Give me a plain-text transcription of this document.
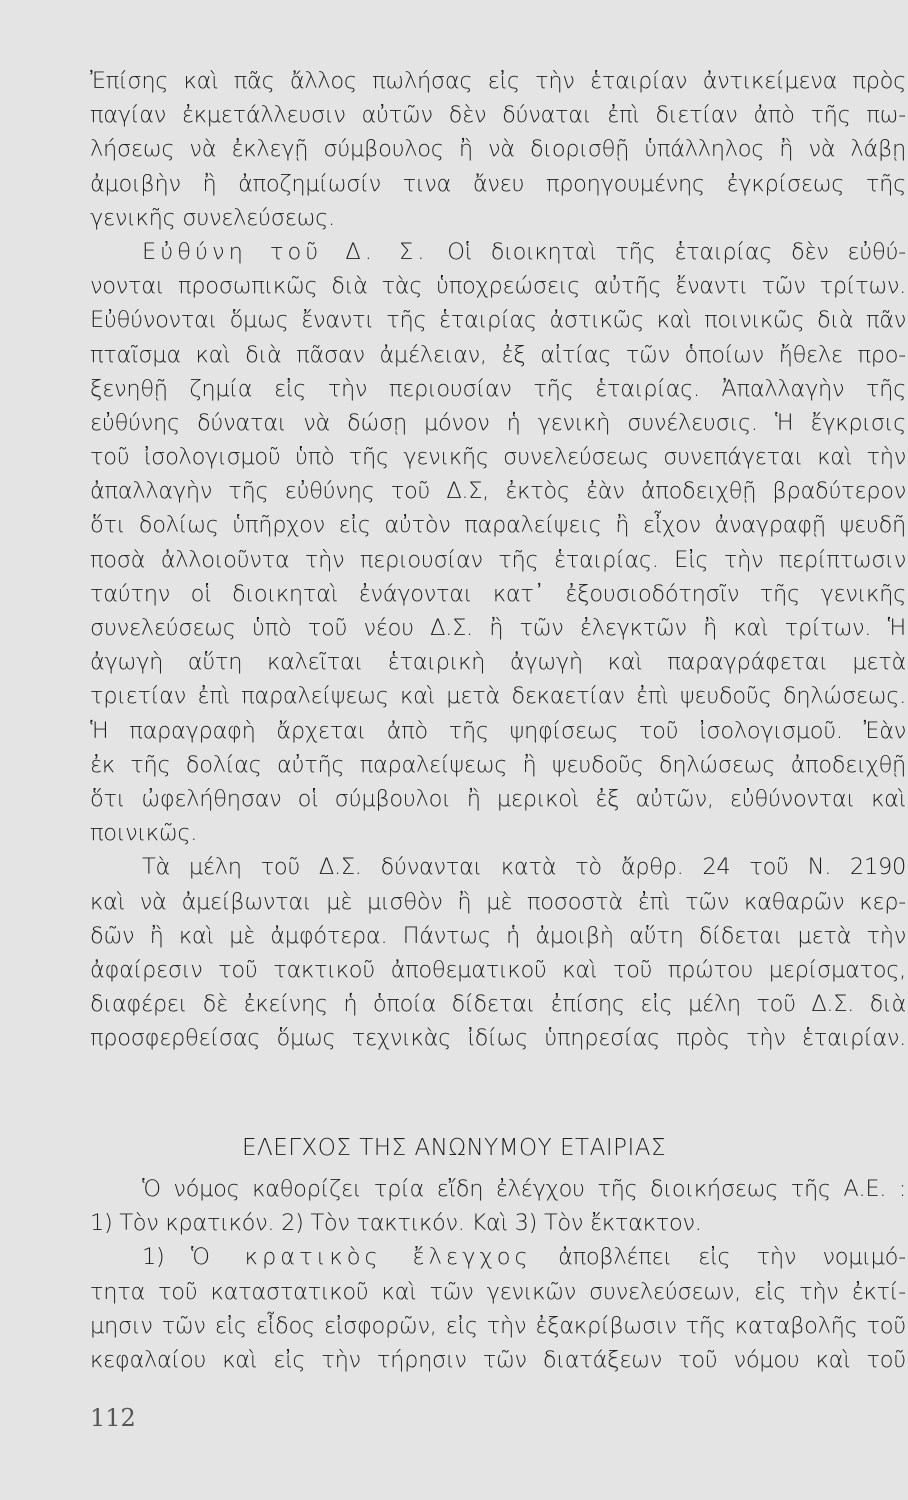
Ἐπίσης καὶ πᾶς ἄλλος πωλήσας εἰς τὴν ἑταιρίαν ἀντικείμενα πρὸς
παγίαν ἐκμετάλλευσιν αὐτῶν δὲν δύναται ἐπὶ διετίαν ἀπὸ τῆς πω-
λήσεως νὰ ἐκλεγῇ σύμβουλος ἢ νὰ διορισθῇ ὑπάλληλος ἢ νὰ λάβῃ
ἀμοιβὴν ἢ ἀποζημίωσίν τινα ἄνευ προηγουμένης ἐγκρίσεως τῆς
γενικῆς συνελεύσεως.
Εὐθύνη τοῦ Δ. Σ. Οἱ διοικηταὶ τῆς ἑταιρίας δὲν εὐθύ-
νονται προσωπικῶς διὰ τὰς ὑποχρεώσεις αὐτῆς ἔναντι τῶν τρίτων.
Εὐθύνονται ὅμως ἔναντι τῆς ἑταιρίας ἀστικῶς καὶ ποινικῶς διὰ πᾶν
πταῖσμα καὶ διὰ πᾶσαν ἀμέλειαν, ἐξ αἰτίας τῶν ὁποίων ἤθελε προ-
ξενηθῇ ζημία εἰς τὴν περιουσίαν τῆς ἑταιρίας. Ἀπαλλαγὴν τῆς
εὐθύνης δύναται νὰ δώσῃ μόνον ἡ γενικὴ συνέλευσις. Ἡ ἔγκρισις
τοῦ ἰσολογισμοῦ ὑπὸ τῆς γενικῆς συνελεύσεως συνεπάγεται καὶ τὴν
ἀπαλλαγὴν τῆς εὐθύνης τοῦ Δ.Σ, ἐκτὸς ἐὰν ἀποδειχθῇ βραδύτερον
ὅτι δολίως ὑπῆρχον εἰς αὐτὸν παραλείψεις ἢ εἶχον ἀναγραφῇ ψευδῆ
ποσὰ ἀλλοιοῦντα τὴν περιουσίαν τῆς ἑταιρίας. Εἰς τὴν περίπτωσιν
ταύτην οἱ διοικηταὶ ἐνάγονται κατ᾽ ἐξουσιοδότησῖν τῆς γενικῆς
συνελεύσεως ὑπὸ τοῦ νέου Δ.Σ. ἢ τῶν ἐλεγκτῶν ἢ καὶ τρίτων. Ἡ
ἀγωγὴ αὕτη καλεῖται ἑταιρικὴ ἀγωγὴ καὶ παραγράφεται μετὰ
τριετίαν ἐπὶ παραλείψεως καὶ μετὰ δεκαετίαν ἐπὶ ψευδοῦς δηλώσεως.
Ἡ παραγραφὴ ἄρχεται ἀπὸ τῆς ψηφίσεως τοῦ ἰσολογισμοῦ. Ἐὰν
ἐκ τῆς δολίας αὐτῆς παραλείψεως ἢ ψευδοῦς δηλώσεως ἀποδειχθῇ
ὅτι ὠφελήθησαν οἱ σύμβουλοι ἢ μερικοὶ ἐξ αὐτῶν, εὐθύνονται καὶ
ποινικῶς.
Τὰ μέλη τοῦ Δ.Σ. δύνανται κατὰ τὸ ἄρθρ. 24 τοῦ Ν. 2190
καὶ νὰ ἀμείβωνται μὲ μισθὸν ἢ μὲ ποσοστὰ ἐπὶ τῶν καθαρῶν κερ-
δῶν ἢ καὶ μὲ ἀμφότερα. Πάντως ἡ ἀμοιβὴ αὕτη δίδεται μετὰ τὴν
ἀφαίρεσιν τοῦ τακτικοῦ ἀποθεματικοῦ καὶ τοῦ πρώτου μερίσματος,
διαφέρει δὲ ἐκείνης ἡ ὁποία δίδεται ἐπίσης εἰς μέλη τοῦ Δ.Σ. διὰ
προσφερθείσας ὅμως τεχνικὰς ἰδίως ὑπηρεσίας πρὸς τὴν ἑταιρίαν.
ΕΛΕΓΧΟΣ ΤΗΣ ΑΝΩΝΥΜΟΥ ΕΤΑΙΡΙΑΣ
Ὁ νόμος καθορίζει τρία εἴδη ἐλέγχου τῆς διοικήσεως τῆς Α.Ε. :
1) Τὸν κρατικόν. 2) Τὸν τακτικόν. Καὶ 3) Τὸν ἔκτακτον.
1) Ὁ κρατικὸς ἔλεγχος ἀποβλέπει εἰς τὴν νομιμό-
τητα τοῦ καταστατικοῦ καὶ τῶν γενικῶν συνελεύσεων, εἰς τὴν ἐκτί-
μησιν τῶν εἰς εἶδος εἰσφορῶν, εἰς τὴν ἐξακρίβωσιν τῆς καταβολῆς τοῦ
κεφαλαίου καὶ εἰς τὴν τήρησιν τῶν διατάξεων τοῦ νόμου καὶ τοῦ
112
